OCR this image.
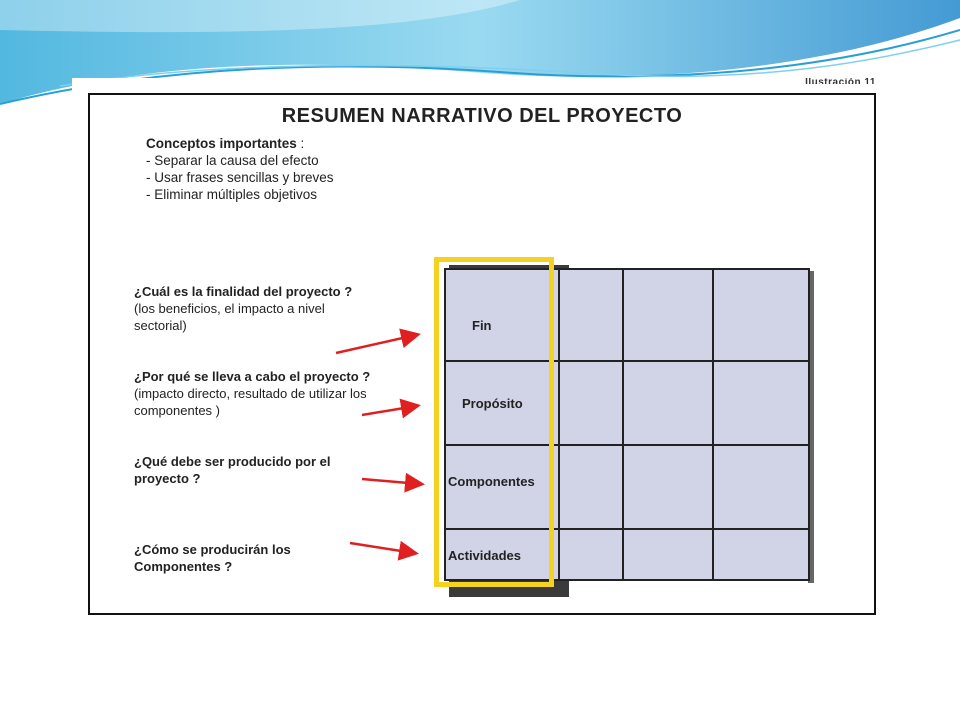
Ilustración 11
RESUMEN NARRATIVO DEL PROYECTO
Conceptos importantes :
- Separar la causa del efecto
- Usar frases sencillas y breves
- Eliminar múltiples objetivos
¿Cuál es la finalidad del proyecto ?
(los beneficios, el impacto a nivel sectorial)
¿Por qué se lleva a cabo el proyecto ?
(impacto directo, resultado de utilizar los componentes )
¿Qué debe ser producido por el proyecto ?
¿Cómo se producirán los Componentes ?
Fin
Propósito
Componentes
Actividades
